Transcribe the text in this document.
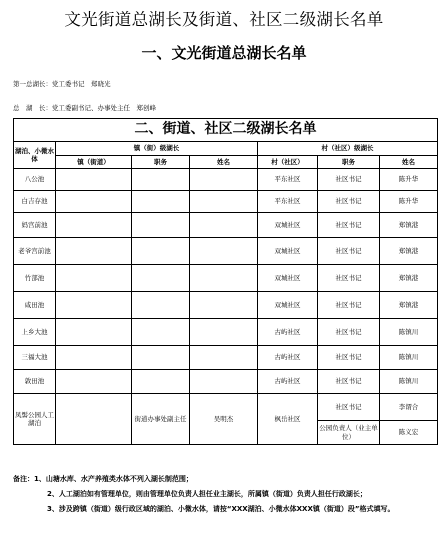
文光街道总湖长及街道、社区二级湖长名单
一、文光街道总湖长名单
第一总湖长：党工委书记　郑晓光
总　湖　长：党工委副书记、办事处主任　郑创峰
二、街道、社区二级湖长名单						
湖泊、小微水体	镇（街）级湖长			村（社区）级湖长		
	镇（街道）	职务	姓名	村（社区）	职务	姓名
八公池				平东社区	社区书记	陈升华
白吉存池				平东社区	社区书记	陈升华
妈宫前池				双城社区	社区书记	郑镇港
老爷宫前池				双城社区	社区书记	郑镇港
竹部池				双城社区	社区书记	郑镇港
咸田池				双城社区	社区书记	郑镇港
上乡大池				古屿社区	社区书记	陈镇川
三福大池				古屿社区	社区书记	陈镇川
敦田池				古屿社区	社区书记	陈镇川
凤髻公园人工湖泊		街道办事处副主任	吴明杰	枫岳社区	社区书记	李谓合
					公园负责人（业主单位）	陈义宏

备注：1、山塘水库、水产养殖类水体不列入湖长制范围；

2、人工湖泊如有管理单位，则由管理单位负责人担任业主湖长，所属镇（街道）负责人担任行政湖长；

3、涉及跨镇（街道）级行政区域的湖泊、小微水体，请按“XXX湖泊、小微水体XXX镇（街道）段”格式填写。
